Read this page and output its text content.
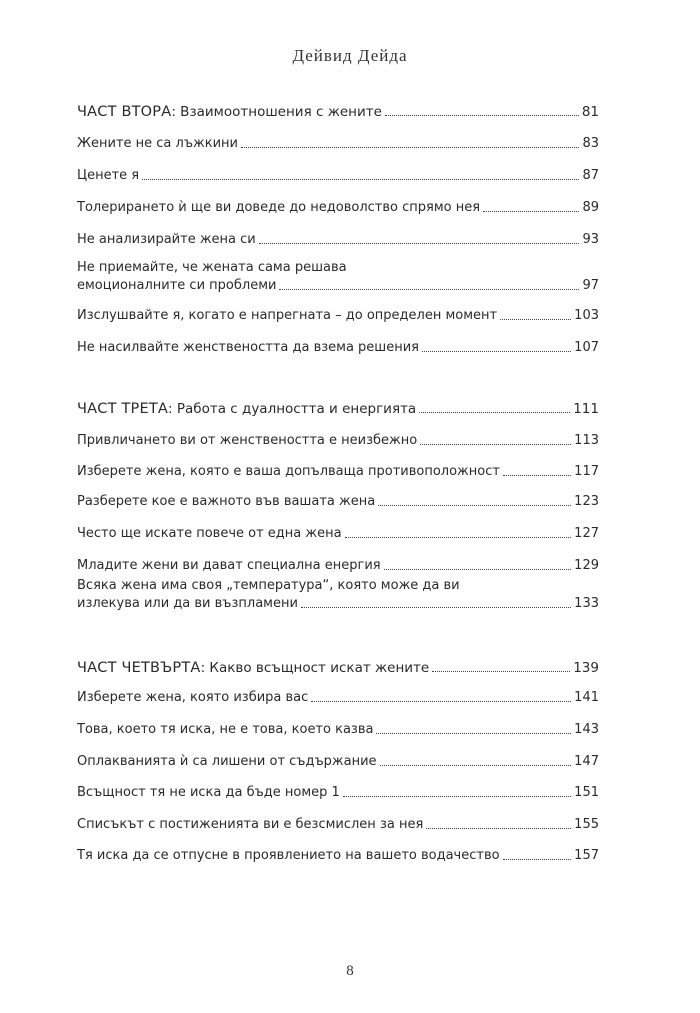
Дейвид Дейда
ЧАСТ ВТОРА: Взаимоотношения с жените	81
Жените не са лъжкини	83
Ценете я	87
Толерирането ѝ ще ви доведе до недоволство спрямо нея	89
Не анализирайте жена си	93
Не приемайте, че жената сама решава
емоционалните си проблеми	97
Изслушвайте я, когато е напрегната – до определен момент	103
Не насилвайте женствеността да взема решения	107
ЧАСТ ТРЕТА: Работа с дуалността и енергията	111
Привличането ви от женствеността е неизбежно	113
Изберете жена, която е ваша допълваща противоположност	117
Разберете кое е важното във вашата жена	123
Често ще искате повече от една жена	127
Младите жени ви дават специална енергия	129
Всяка жена има своя „температура“, която може да ви
излекува или да ви възпламени	133
ЧАСТ ЧЕТВЪРТА: Какво всъщност искат жените	139
Изберете жена, която избира вас	141
Това, което тя иска, не е това, което казва	143
Оплакванията ѝ са лишени от съдържание	147
Всъщност тя не иска да бъде номер 1	151
Списъкът с постиженията ви е безсмислен за нея	155
Тя иска да се отпусне в проявлението на вашето водачество	157
8
